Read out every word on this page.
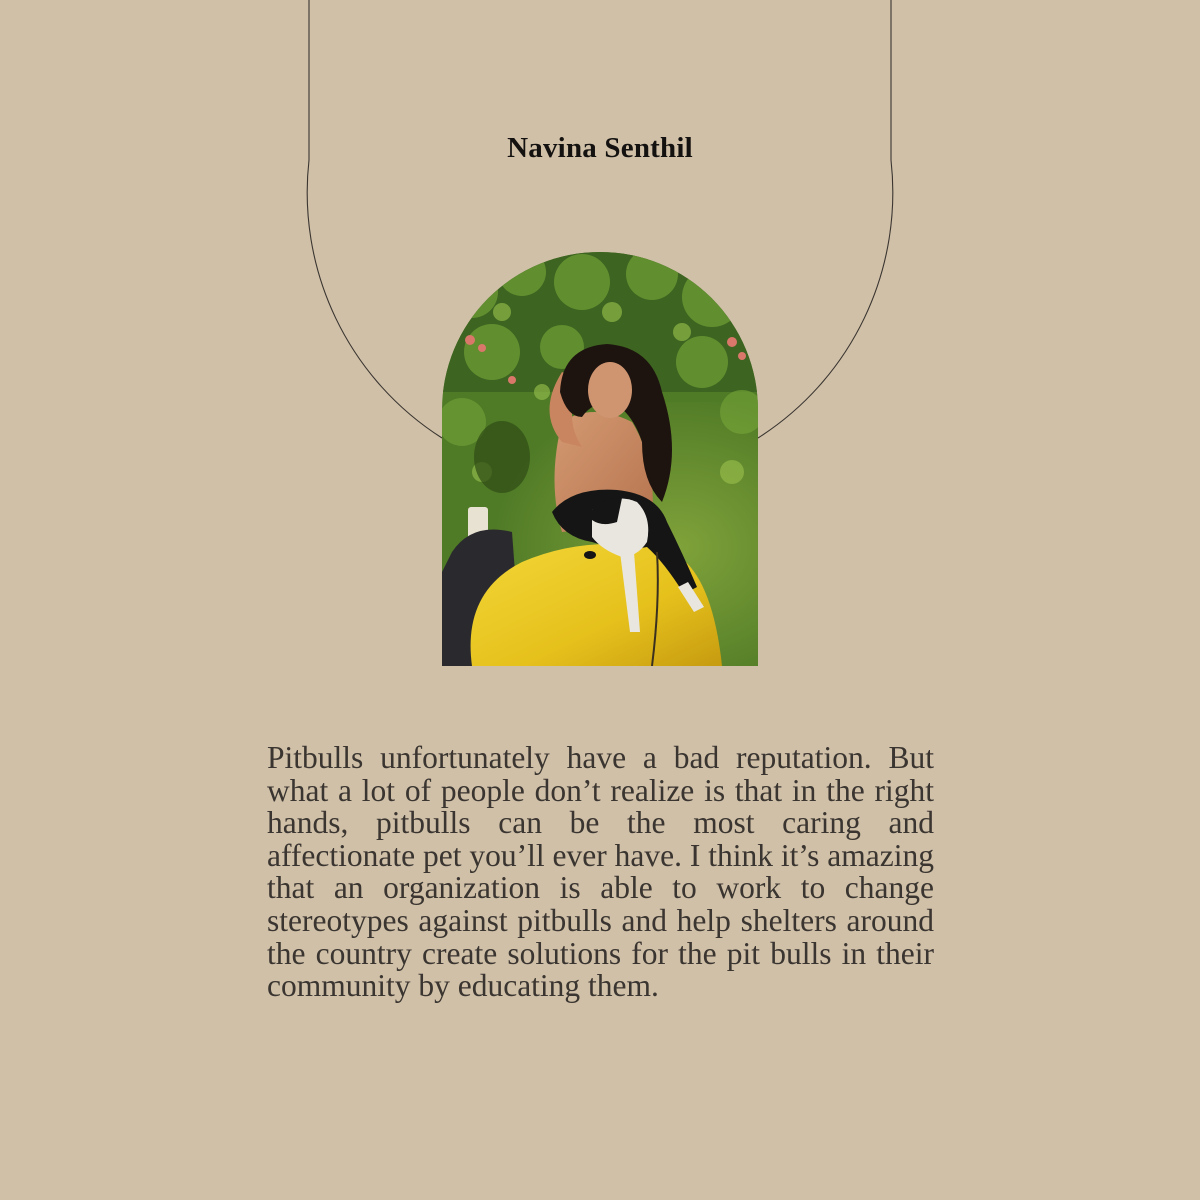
Navina Senthil
Pitbulls unfortunately have a bad reputation. But what a lot of people don’t realize is that in the right hands, pitbulls can be the most caring and affectionate pet you’ll ever have. I think it’s amazing that an organization is able to work to change stereotypes against pitbulls and help shelters around the country create solutions for the pit bulls in their community by educating them.
